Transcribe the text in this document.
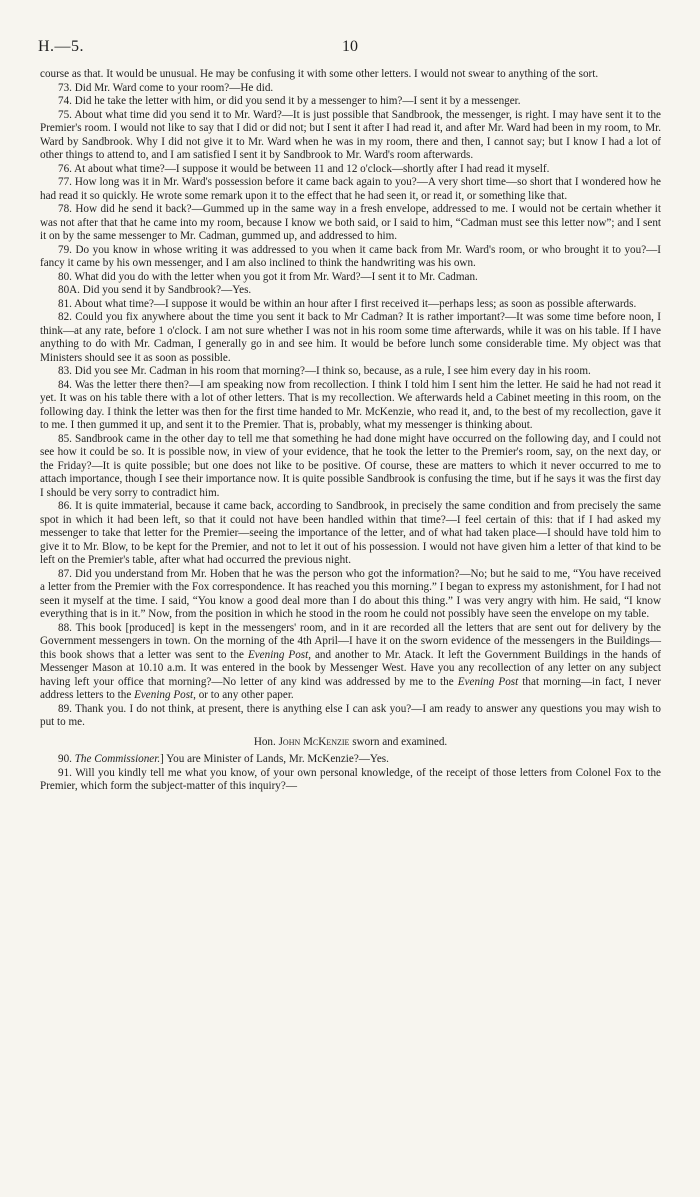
H.—5.	10

course as that. It would be unusual. He may be confusing it with some other letters. I would not swear to anything of the sort.

73. Did Mr. Ward come to your room?—He did.

74. Did he take the letter with him, or did you send it by a messenger to him?—I sent it by a messenger.

75. About what time did you send it to Mr. Ward?—It is just possible that Sandbrook, the messenger, is right. I may have sent it to the Premier's room. I would not like to say that I did or did not; but I sent it after I had read it, and after Mr. Ward had been in my room, to Mr. Ward by Sandbrook. Why I did not give it to Mr. Ward when he was in my room, there and then, I cannot say; but I know I had a lot of other things to attend to, and I am satisfied I sent it by Sandbrook to Mr. Ward's room afterwards.

76. At about what time?—I suppose it would be between 11 and 12 o'clock—shortly after I had read it myself.

77. How long was it in Mr. Ward's possession before it came back again to you?—A very short time—so short that I wondered how he had read it so quickly. He wrote some remark upon it to the effect that he had seen it, or read it, or something like that.

78. How did he send it back?—Gummed up in the same way in a fresh envelope, addressed to me. I would not be certain whether it was not after that that he came into my room, because I know we both said, or I said to him, “Cadman must see this letter now”; and I sent it on by the same messenger to Mr. Cadman, gummed up, and addressed to him.

79. Do you know in whose writing it was addressed to you when it came back from Mr. Ward's room, or who brought it to you?—I fancy it came by his own messenger, and I am also inclined to think the handwriting was his own.

80. What did you do with the letter when you got it from Mr. Ward?—I sent it to Mr. Cadman.

80A. Did you send it by Sandbrook?—Yes.

81. About what time?—I suppose it would be within an hour after I first received it—perhaps less; as soon as possible afterwards.

82. Could you fix anywhere about the time you sent it back to Mr Cadman? It is rather important?—It was some time before noon, I think—at any rate, before 1 o'clock. I am not sure whether I was not in his room some time afterwards, while it was on his table. If I have anything to do with Mr. Cadman, I generally go in and see him. It would be before lunch some considerable time. My object was that Ministers should see it as soon as possible.

83. Did you see Mr. Cadman in his room that morning?—I think so, because, as a rule, I see him every day in his room.

84. Was the letter there then?—I am speaking now from recollection. I think I told him I sent him the letter. He said he had not read it yet. It was on his table there with a lot of other letters. That is my recollection. We afterwards held a Cabinet meeting in this room, on the following day. I think the letter was then for the first time handed to Mr. McKenzie, who read it, and, to the best of my recollection, gave it to me. I then gummed it up, and sent it to the Premier. That is, probably, what my messenger is thinking about.

85. Sandbrook came in the other day to tell me that something he had done might have occurred on the following day, and I could not see how it could be so. It is possible now, in view of your evidence, that he took the letter to the Premier's room, say, on the next day, or the Friday?—It is quite possible; but one does not like to be positive. Of course, these are matters to which it never occurred to me to attach importance, though I see their importance now. It is quite possible Sandbrook is confusing the time, but if he says it was the first day I should be very sorry to contradict him.

86. It is quite immaterial, because it came back, according to Sandbrook, in precisely the same condition and from precisely the same spot in which it had been left, so that it could not have been handled within that time?—I feel certain of this: that if I had asked my messenger to take that letter for the Premier—seeing the importance of the letter, and of what had taken place—I should have told him to give it to Mr. Blow, to be kept for the Premier, and not to let it out of his possession. I would not have given him a letter of that kind to be left on the Premier's table, after what had occurred the previous night.

87. Did you understand from Mr. Hoben that he was the person who got the information?—No; but he said to me, “You have received a letter from the Premier with the Fox correspondence. It has reached you this morning.” I began to express my astonishment, for I had not seen it myself at the time. I said, “You know a good deal more than I do about this thing.” I was very angry with him. He said, “I know everything that is in it.” Now, from the position in which he stood in the room he could not possibly have seen the envelope on my table.

88. This book [produced] is kept in the messengers' room, and in it are recorded all the letters that are sent out for delivery by the Government messengers in town. On the morning of the 4th April—I have it on the sworn evidence of the messengers in the Buildings—this book shows that a letter was sent to the Evening Post, and another to Mr. Atack. It left the Government Buildings in the hands of Messenger Mason at 10.10 a.m. It was entered in the book by Messenger West. Have you any recollection of any letter on any subject having left your office that morning?—No letter of any kind was addressed by me to the Evening Post that morning—in fact, I never address letters to the Evening Post, or to any other paper.

89. Thank you. I do not think, at present, there is anything else I can ask you?—I am ready to answer any questions you may wish to put to me.

Hon. John McKenzie sworn and examined.

90. The Commissioner.] You are Minister of Lands, Mr. McKenzie?—Yes.

91. Will you kindly tell me what you know, of your own personal knowledge, of the receipt of those letters from Colonel Fox to the Premier, which form the subject-matter of this inquiry?—
